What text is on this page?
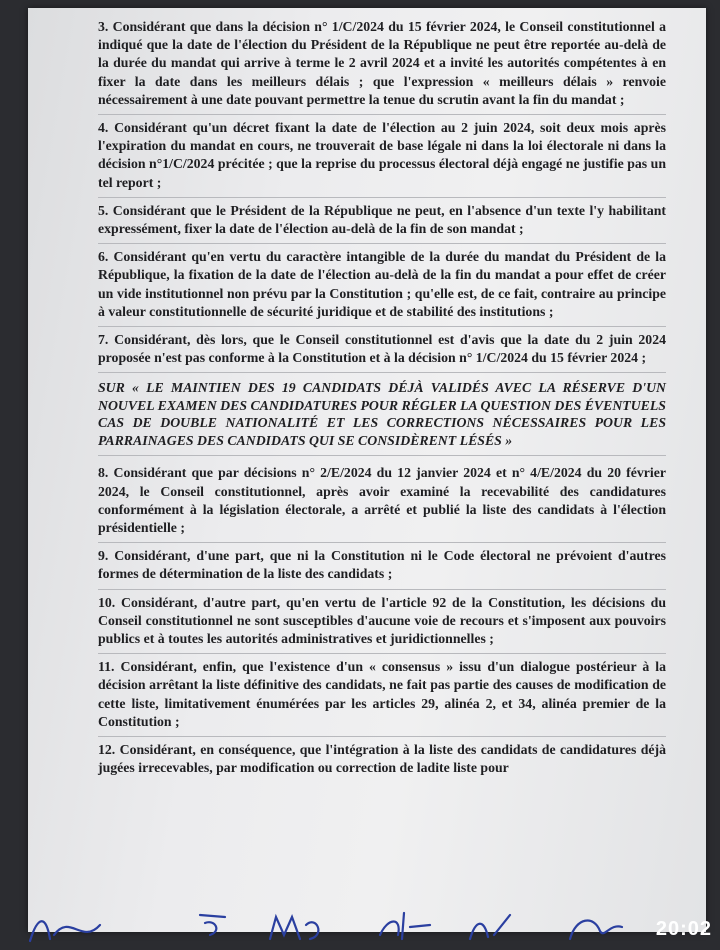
3. Considérant que dans la décision n° 1/C/2024 du 15 février 2024, le Conseil constitutionnel a indiqué que la date de l'élection du Président de la République ne peut être reportée au-delà de la durée du mandat qui arrive à terme le 2 avril 2024 et a invité les autorités compétentes à en fixer la date dans les meilleurs délais ; que l'expression « meilleurs délais » renvoie nécessairement à une date pouvant permettre la tenue du scrutin avant la fin du mandat ;

4. Considérant qu'un décret fixant la date de l'élection au 2 juin 2024, soit deux mois après l'expiration du mandat en cours, ne trouverait de base légale ni dans la loi électorale ni dans la décision n°1/C/2024 précitée ; que la reprise du processus électoral déjà engagé ne justifie pas un tel report ;

5. Considérant que le Président de la République ne peut, en l'absence d'un texte l'y habilitant expressément, fixer la date de l'élection au-delà de la fin de son mandat ;

6. Considérant qu'en vertu du caractère intangible de la durée du mandat du Président de la République, la fixation de la date de l'élection au-delà de la fin du mandat a pour effet de créer un vide institutionnel non prévu par la Constitution ; qu'elle est, de ce fait, contraire au principe à valeur constitutionnelle de sécurité juridique et de stabilité des institutions ;

7. Considérant, dès lors, que le Conseil constitutionnel est d'avis que la date du 2 juin 2024 proposée n'est pas conforme à la Constitution et à la décision n° 1/C/2024 du 15 février 2024 ;

SUR « LE MAINTIEN DES 19 CANDIDATS DÉJÀ VALIDÉS AVEC LA RÉSERVE D'UN NOUVEL EXAMEN DES CANDIDATURES POUR RÉGLER LA QUESTION DES ÉVENTUELS CAS DE DOUBLE NATIONALITÉ ET LES CORRECTIONS NÉCESSAIRES POUR LES PARRAINAGES DES CANDIDATS QUI SE CONSIDÈRENT LÉSÉS »

8. Considérant que par décisions n° 2/E/2024 du 12 janvier 2024 et n° 4/E/2024 du 20 février 2024, le Conseil constitutionnel, après avoir examiné la recevabilité des candidatures conformément à la législation électorale, a arrêté et publié la liste des candidats à l'élection présidentielle ;

9. Considérant, d'une part, que ni la Constitution ni le Code électoral ne prévoient d'autres formes de détermination de la liste des candidats ;

10. Considérant, d'autre part, qu'en vertu de l'article 92 de la Constitution, les décisions du Conseil constitutionnel ne sont susceptibles d'aucune voie de recours et s'imposent aux pouvoirs publics et à toutes les autorités administratives et juridictionnelles ;

11. Considérant, enfin, que l'existence d'un « consensus » issu d'un dialogue postérieur à la décision arrêtant la liste définitive des candidats, ne fait pas partie des causes de modification de cette liste, limitativement énumérées par les articles 29, alinéa 2, et 34, alinéa premier de la Constitution ;

12. Considérant, en conséquence, que l'intégration à la liste des candidats de candidatures déjà jugées irrecevables, par modification ou correction de ladite liste pour

20:02
